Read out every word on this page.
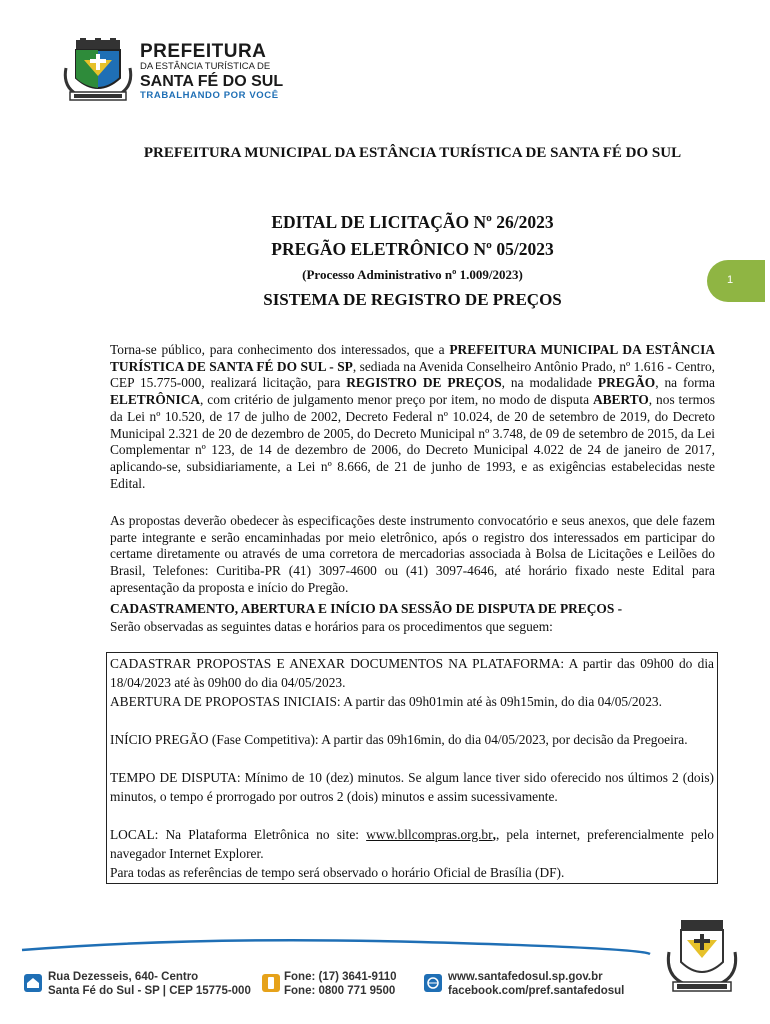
PREFEITURA
DA ESTÂNCIA TURÍSTICA DE
SANTA FÉ DO SUL
TRABALHANDO POR VOCÊ
PREFEITURA MUNICIPAL DA ESTÂNCIA TURÍSTICA DE SANTA FÉ DO SUL
EDITAL DE LICITAÇÃO Nº 26/2023
PREGÃO ELETRÔNICO Nº 05/2023
(Processo Administrativo nº 1.009/2023)
SISTEMA DE REGISTRO DE PREÇOS
1
Torna-se público, para conhecimento dos interessados, que a PREFEITURA MUNICIPAL DA ESTÂNCIA TURÍSTICA DE SANTA FÉ DO SUL - SP, sediada na Avenida Conselheiro Antônio Prado, nº 1.616 - Centro, CEP 15.775-000, realizará licitação, para REGISTRO DE PREÇOS, na modalidade PREGÃO, na forma ELETRÔNICA, com critério de julgamento menor preço por item, no modo de disputa ABERTO, nos termos da Lei nº 10.520, de 17 de julho de 2002, Decreto Federal nº 10.024, de 20 de setembro de 2019, do Decreto Municipal 2.321 de 20 de dezembro de 2005, do Decreto Municipal nº 3.748, de 09 de setembro de 2015, da Lei Complementar nº 123, de 14 de dezembro de 2006, do Decreto Municipal 4.022 de 24 de janeiro de 2017, aplicando-se, subsidiariamente, a Lei nº 8.666, de 21 de junho de 1993, e as exigências estabelecidas neste Edital.
As propostas deverão obedecer às especificações deste instrumento convocatório e seus anexos, que dele fazem parte integrante e serão encaminhadas por meio eletrônico, após o registro dos interessados em participar do certame diretamente ou através de uma corretora de mercadorias associada à Bolsa de Licitações e Leilões do Brasil, Telefones: Curitiba-PR (41) 3097-4600 ou (41) 3097-4646, até horário fixado neste Edital para apresentação da proposta e início do Pregão.
CADASTRAMENTO, ABERTURA E INÍCIO DA SESSÃO DE DISPUTA DE PREÇOS -
Serão observadas as seguintes datas e horários para os procedimentos que seguem:
CADASTRAR PROPOSTAS E ANEXAR DOCUMENTOS NA PLATAFORMA: A partir das 09h00 do dia 18/04/2023 até às 09h00 do dia 04/05/2023.
ABERTURA DE PROPOSTAS INICIAIS: A partir das 09h01min até às 09h15min, do dia 04/05/2023.
INÍCIO PREGÃO (Fase Competitiva): A partir das 09h16min, do dia 04/05/2023, por decisão da Pregoeira.
TEMPO DE DISPUTA: Mínimo de 10 (dez) minutos. Se algum lance tiver sido oferecido nos últimos 2 (dois) minutos, o tempo é prorrogado por outros 2 (dois) minutos e assim sucessivamente.
LOCAL: Na Plataforma Eletrônica no site: www.bllcompras.org.br,, pela internet, preferencialmente pelo navegador Internet Explorer.
Para todas as referências de tempo será observado o horário Oficial de Brasília (DF).
Rua Dezesseis, 640- Centro
Santa Fé do Sul - SP | CEP 15775-000
Fone: (17) 3641-9110
Fone: 0800 771 9500
www.santafedosul.sp.gov.br
facebook.com/pref.santafedosul
